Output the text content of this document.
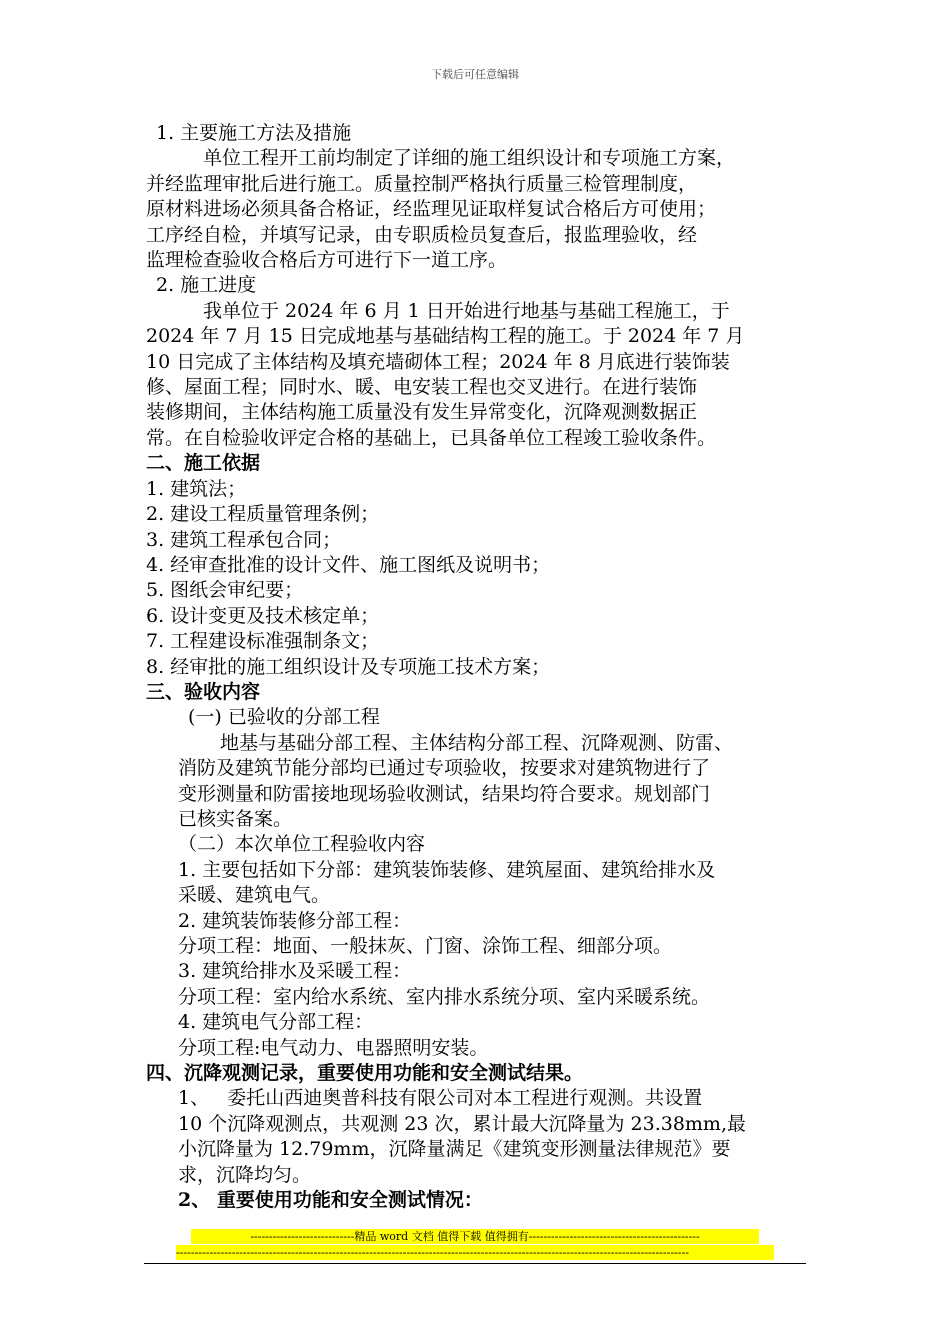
下载后可任意编辑

1. 主要施工方法及措施

单位工程开工前均制定了详细的施工组织设计和专项施工方案，
并经监理审批后进行施工。质量控制严格执行质量三检管理制度，
原材料进场必须具备合格证，经监理见证取样复试合格后方可使用；
工序经自检，并填写记录，由专职质检员复查后，报监理验收，经
监理检查验收合格后方可进行下一道工序。

2. 施工进度

我单位于 2024 年 6 月 1 日开始进行地基与基础工程施工，于
2024 年 7 月 15 日完成地基与基础结构工程的施工。于 2024 年 7 月
10 日完成了主体结构及填充墙砌体工程；2024 年 8 月底进行装饰装
修、屋面工程；同时水、暖、电安装工程也交叉进行。在进行装饰
装修期间，主体结构施工质量没有发生异常变化，沉降观测数据正
常。在自检验收评定合格的基础上，已具备单位工程竣工验收条件。

二、施工依据

1. 建筑法；

2. 建设工程质量管理条例；

3. 建筑工程承包合同；

4. 经审查批准的设计文件、施工图纸及说明书；

5. 图纸会审纪要；

6. 设计变更及技术核定单；

7. 工程建设标准强制条文；

8. 经审批的施工组织设计及专项施工技术方案；

三、验收内容

(一) 已验收的分部工程

地基与基础分部工程、主体结构分部工程、沉降观测、防雷、
消防及建筑节能分部均已通过专项验收，按要求对建筑物进行了
变形测量和防雷接地现场验收测试，结果均符合要求。规划部门
已核实备案。

（二）本次单位工程验收内容

1. 主要包括如下分部：建筑装饰装修、建筑屋面、建筑给排水及
采暖、建筑电气。

2. 建筑装饰装修分部工程：

分项工程：地面、一般抹灰、门窗、涂饰工程、细部分项。

3. 建筑给排水及采暖工程：

分项工程：室内给水系统、室内排水系统分项、室内采暖系统。

4. 建筑电气分部工程：

分项工程:电气动力、电器照明安装。

四、沉降观测记录，重要使用功能和安全测试结果。

1、   委托山西迪奥普科技有限公司对本工程进行观测。共设置
10 个沉降观测点，共观测 23 次，累计最大沉降量为 23.38mm,最
小沉降量为 12.79mm，沉降量满足《建筑变形测量法律规范》要
求，沉降均匀。

2、 重要使用功能和安全测试情况：

----------------------------精品 word 文档 值得下载 值得拥有----------------------------------------------
------------------------------------------------------------------------------------------------------------------------------------------
